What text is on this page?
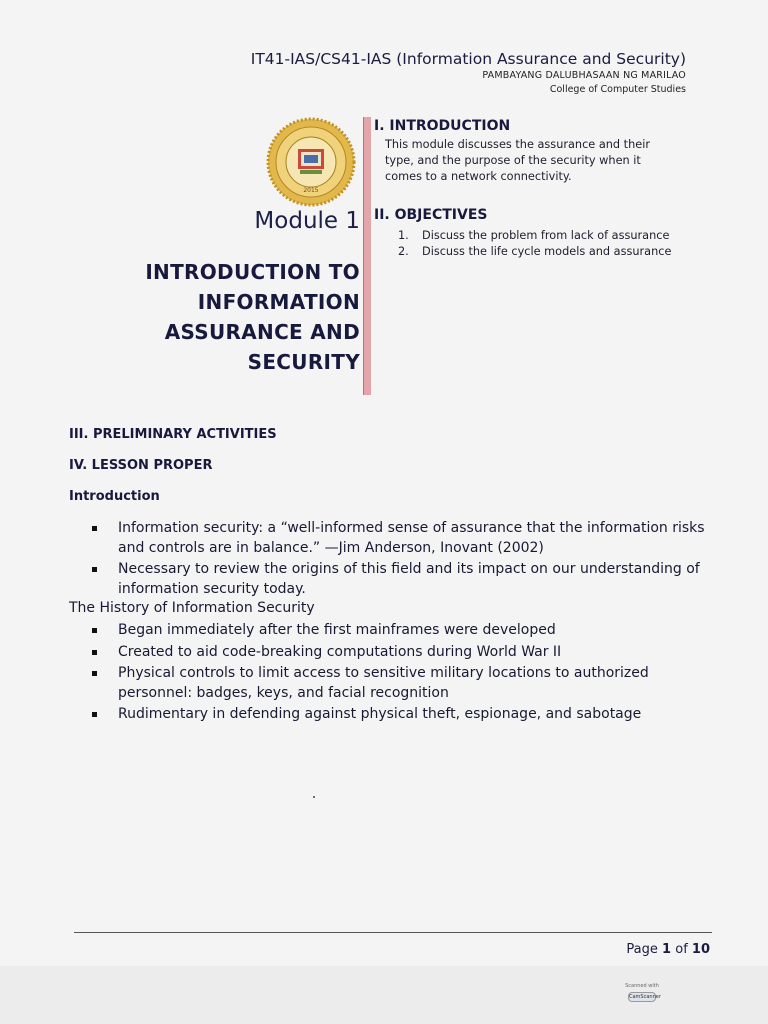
IT41-IAS/CS41-IAS (Information Assurance and Security)
PAMBAYANG DALUBHASAAN NG MARILAO
College of Computer Studies
2015
Module 1
INTRODUCTION TO
INFORMATION
ASSURANCE AND
SECURITY
I. INTRODUCTION
This module discusses the assurance and their type, and the purpose of the security when it comes to a network connectivity.
II. OBJECTIVES
1. Discuss the problem from lack of assurance
2. Discuss the life cycle models and assurance
III. PRELIMINARY ACTIVITIES
IV. LESSON PROPER
Introduction
Information security: a “well-informed sense of assurance that the information risks and controls are in balance.” —Jim Anderson, Inovant (2002)
Necessary to review the origins of this field and its impact on our understanding of information security today.
The History of Information Security
Began immediately after the first mainframes were developed
Created to aid code-breaking computations during World War II
Physical controls to limit access to sensitive military locations to authorized personnel: badges, keys, and facial recognition
Rudimentary in defending against physical theft, espionage, and sabotage
Page 1 of 10
Scanned with
CamScanner
